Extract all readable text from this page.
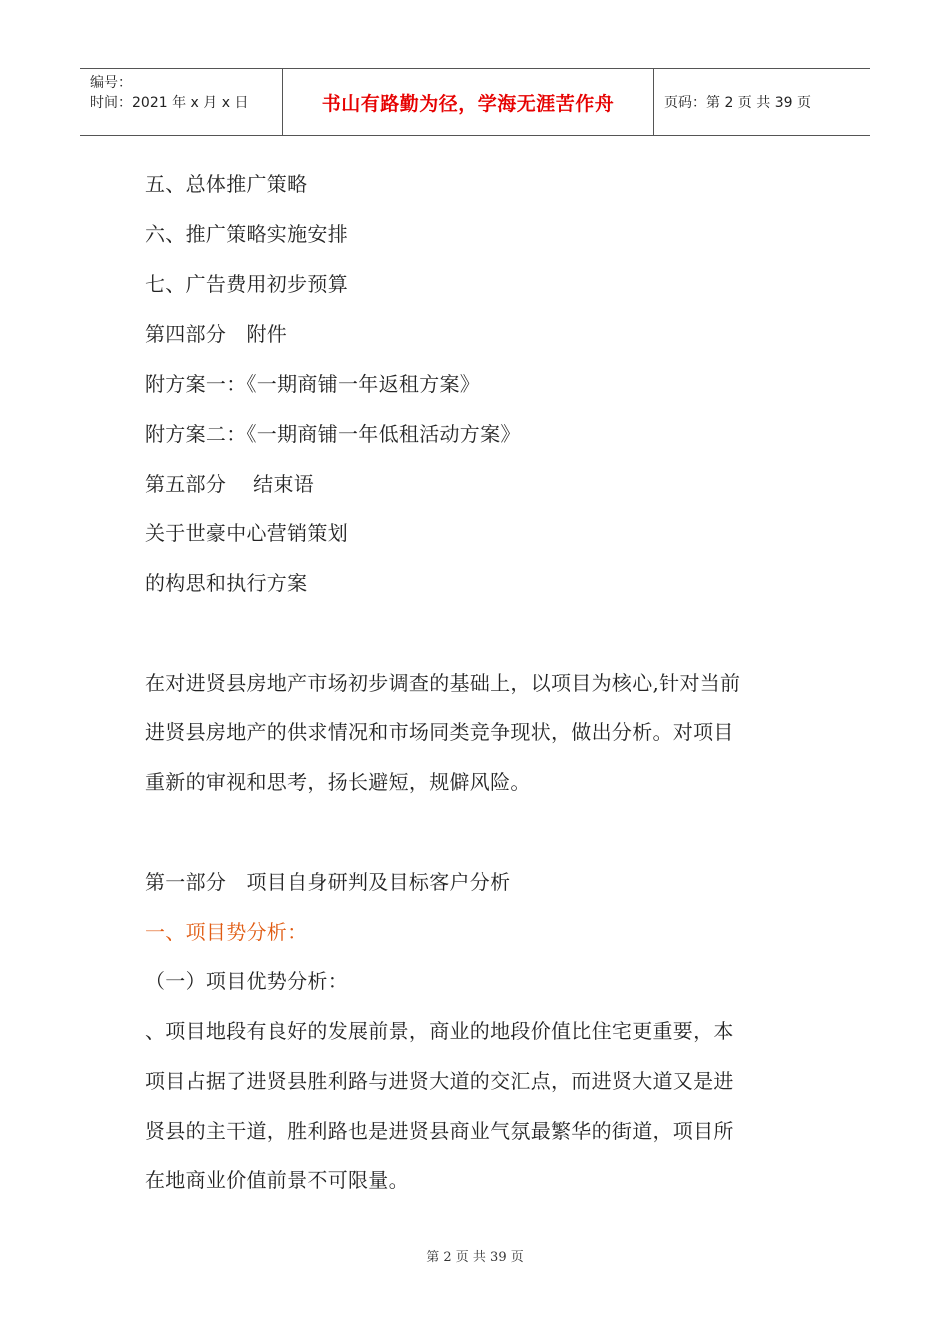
编号：
时间：2021 年 x 月 x 日	书山有路勤为径，学海无涯苦作舟	页码：第 2 页 共 39 页
五、总体推广策略
六、推广策略实施安排
七、广告费用初步预算
第四部分　附件
附方案一：《一期商铺一年返租方案》
附方案二：《一期商铺一年低租活动方案》
第五部分　 结束语
关于世豪中心营销策划
的构思和执行方案
在对进贤县房地产市场初步调查的基础上，以项目为核心,针对当前
进贤县房地产的供求情况和市场同类竞争现状，做出分析。对项目
重新的审视和思考，扬长避短，规僻风险。
第一部分　项目自身研判及目标客户分析
一、项目势分析：
（一）项目优势分析：
、项目地段有良好的发展前景，商业的地段价值比住宅更重要，本
项目占据了进贤县胜利路与进贤大道的交汇点，而进贤大道又是进
贤县的主干道，胜利路也是进贤县商业气氛最繁华的街道，项目所
在地商业价值前景不可限量。
第 2 页 共 39 页
